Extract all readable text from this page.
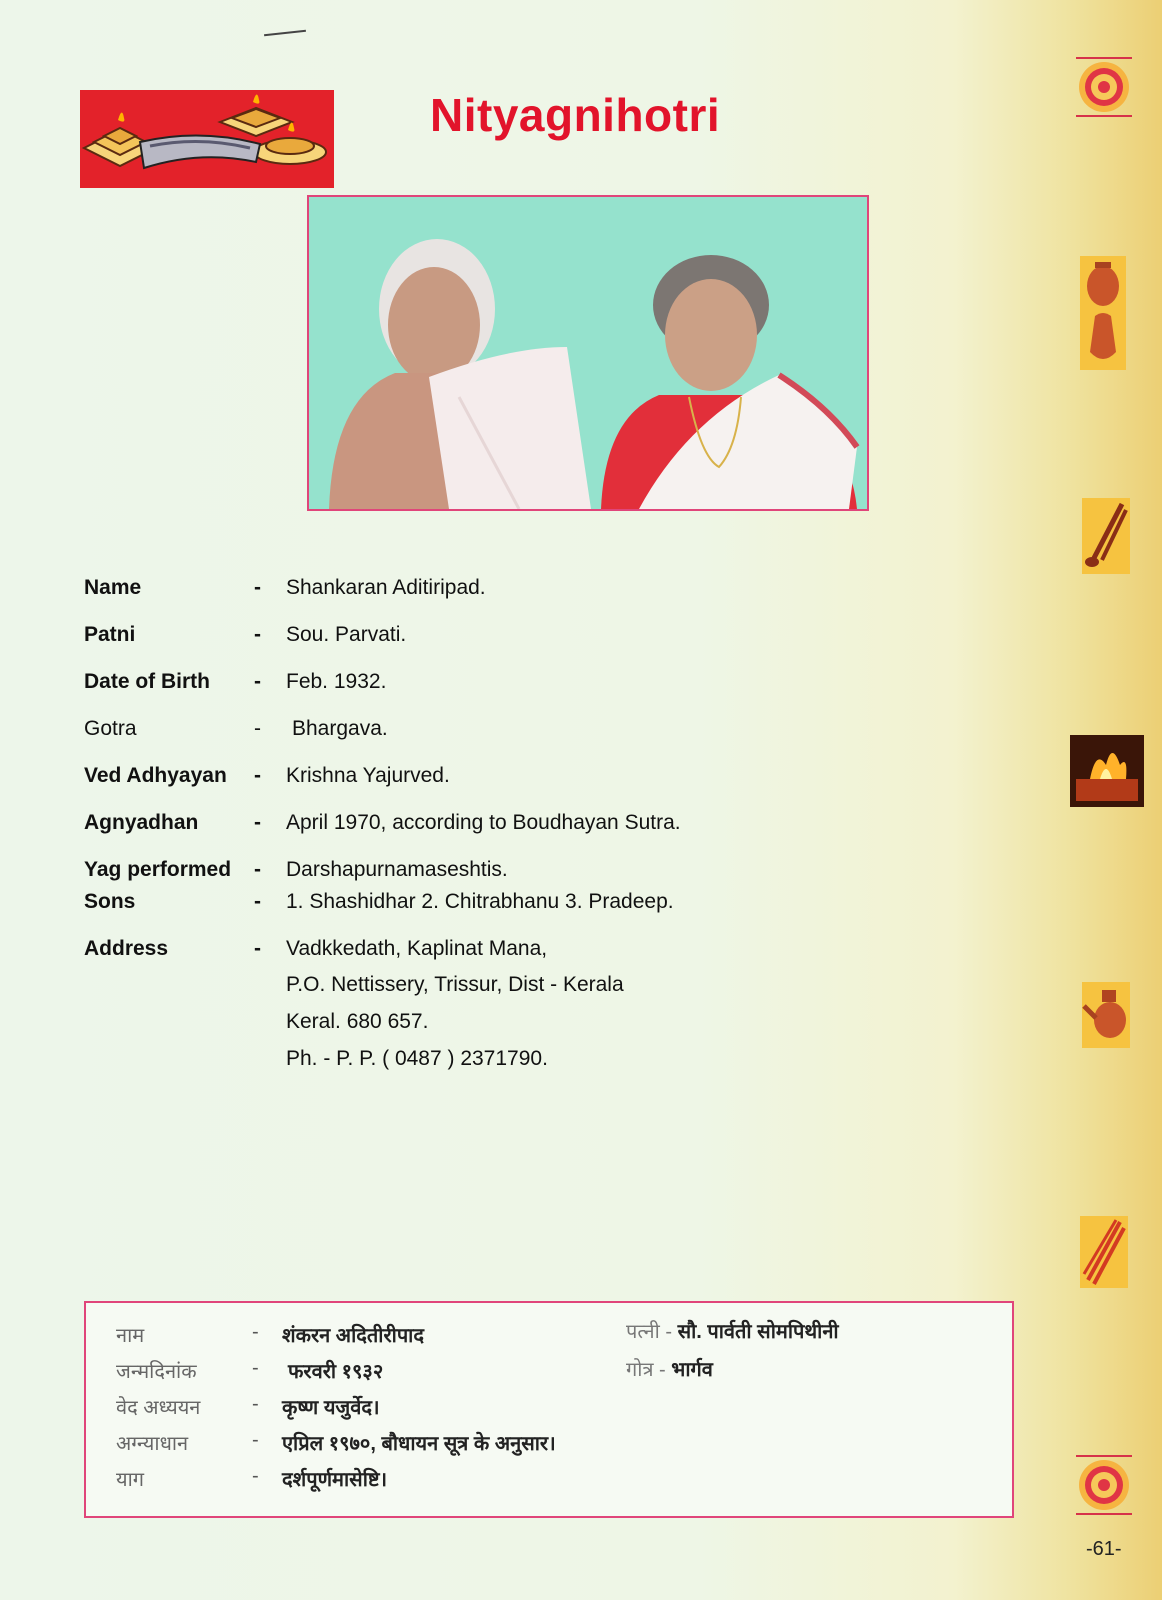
Nityagnihotri
Name	- Shankaran Aditiripad.
Patni	- Sou. Parvati.
Date of Birth - Feb. 1932.
Gotra	- Bhargava.
Ved Adhyayan - Krishna Yajurved.
Agnyadhan	- April 1970, according to Boudhayan Sutra.
Yag performed - Darshapurnamaseshtis.
Sons	- 1. Shashidhar 2. Chitrabhanu 3. Pradeep.
Address	- Vadkkedath, Kaplinat Mana,
P.O. Nettissery, Trissur, Dist - Kerala
Keral. 680 657.
Ph. - P. P. ( 0487 ) 2371790.
नाम	- शंकरन अदितीरीपाद
जन्मदिनांक	- फरवरी १९३२
वेद अध्ययन	- कृष्ण यजुर्वेद।
अग्न्याधान	- एप्रिल १९७०, बौधायन सूत्र के अनुसार।
याग	- दर्शपूर्णमासेष्टि।
पत्नी - सौ. पार्वती सोमपिथीनी
गोत्र - भार्गव
-61-
